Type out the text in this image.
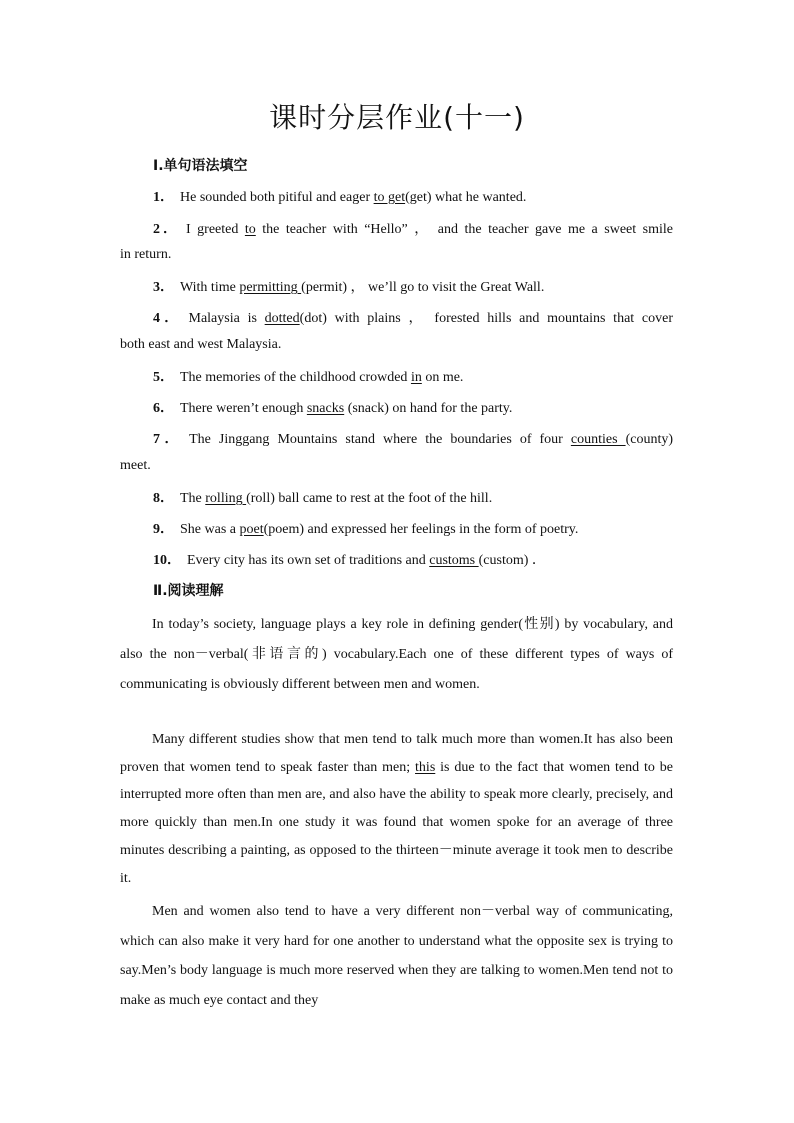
课时分层作业(十一)
Ⅰ.单句语法填空
1． He sounded both pitiful and eager to get(get) what he wanted.
2． I greeted to the teacher with “Hello” ， and the teacher gave me a sweet smile
in return.
3． With time permitting (permit) ， we’ll go to visit the Great Wall.
4． Malaysia is dotted(dot) with plains ， forested hills and mountains that cover
both east and west Malaysia.
5． The memories of the childhood crowded in on me.
6． There weren’t enough snacks (snack) on hand for the party.
7． The Jinggang Mountains stand where the boundaries of four counties (county)
meet.
8． The rolling (roll) ball came to rest at the foot of the hill.
9． She was a poet(poem) and expressed her feelings in the form of poetry.
10． Every city has its own set of traditions and customs (custom) ．
Ⅱ.阅读理解
In today’s society, language plays a key role in defining gender(性别) by vocabulary, and also the non－verbal(非语言的) vocabulary.Each one of these different types of ways of communicating is obviously different between men and women.
Many different studies show that men tend to talk much more than women.It has also been proven that women tend to speak faster than men; this is due to the fact that women tend to be interrupted more often than men are, and also have the ability to speak more clearly, precisely, and more quickly than men.In one study it was found that women spoke for an average of three minutes describing a painting, as opposed to the thirteen－minute average it took men to describe it.
Men and women also tend to have a very different non－verbal way of communicating, which can also make it very hard for one another to understand what the opposite sex is trying to say.Men’s body language is much more reserved when they are talking to women.Men tend not to make as much eye contact and they
